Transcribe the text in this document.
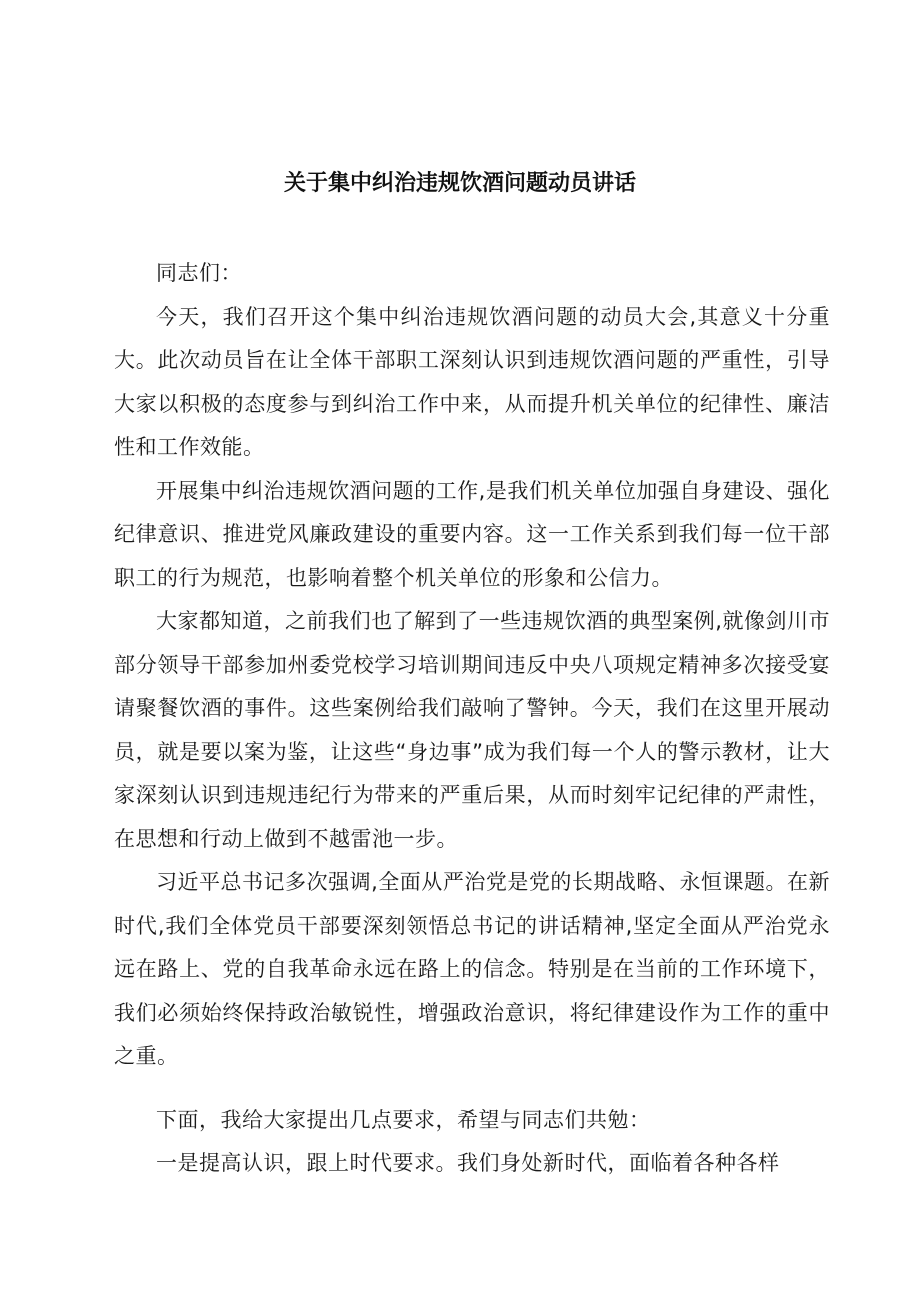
关于集中纠治违规饮酒问题动员讲话

同志们：

今天，我们召开这个集中纠治违规饮酒问题的动员大会,其意义十分重大。此次动员旨在让全体干部职工深刻认识到违规饮酒问题的严重性，引导大家以积极的态度参与到纠治工作中来，从而提升机关单位的纪律性、廉洁性和工作效能。

开展集中纠治违规饮酒问题的工作,是我们机关单位加强自身建设、强化纪律意识、推进党风廉政建设的重要内容。这一工作关系到我们每一位干部职工的行为规范，也影响着整个机关单位的形象和公信力。

大家都知道，之前我们也了解到了一些违规饮酒的典型案例,就像剑川市部分领导干部参加州委党校学习培训期间违反中央八项规定精神多次接受宴请聚餐饮酒的事件。这些案例给我们敲响了警钟。今天，我们在这里开展动员，就是要以案为鉴，让这些“身边事”成为我们每一个人的警示教材，让大家深刻认识到违规违纪行为带来的严重后果，从而时刻牢记纪律的严肃性，在思想和行动上做到不越雷池一步。

习近平总书记多次强调,全面从严治党是党的长期战略、永恒课题。在新时代,我们全体党员干部要深刻领悟总书记的讲话精神,坚定全面从严治党永远在路上、党的自我革命永远在路上的信念。特别是在当前的工作环境下，我们必须始终保持政治敏锐性，增强政治意识，将纪律建设作为工作的重中之重。

下面，我给大家提出几点要求，希望与同志们共勉：

一是提高认识，跟上时代要求。我们身处新时代，面临着各种各样
